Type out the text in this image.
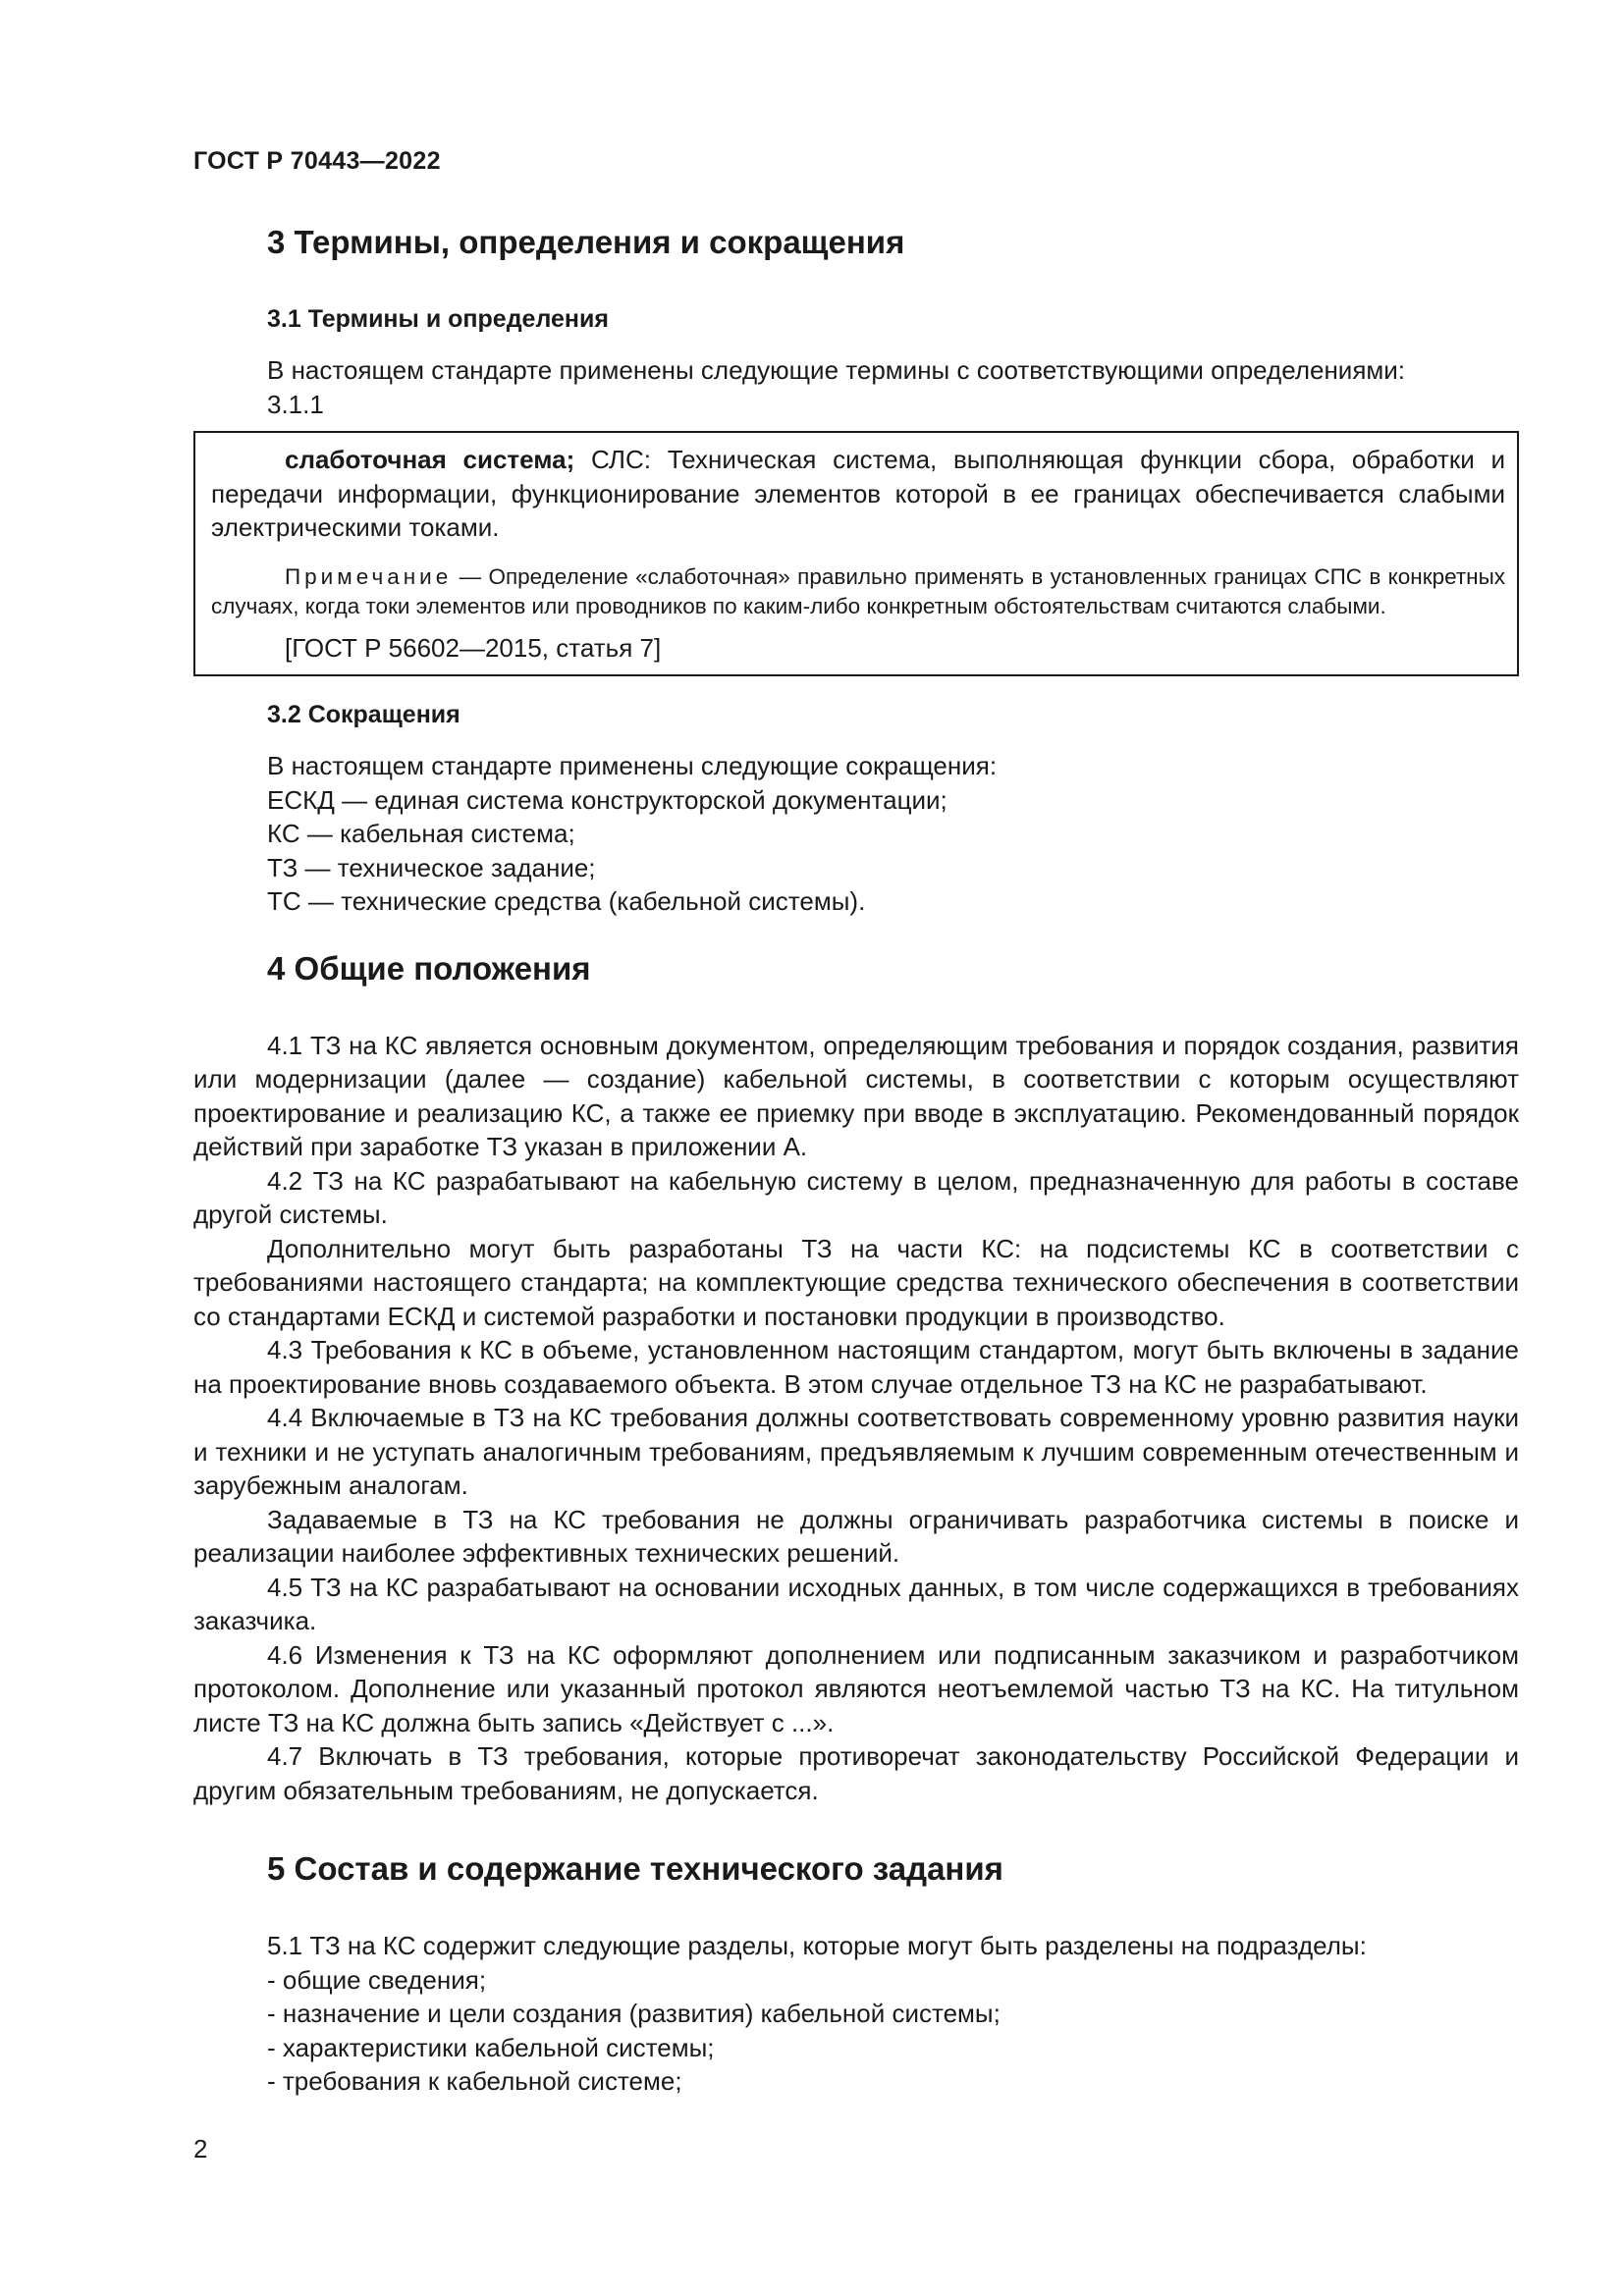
ГОСТ Р 70443—2022
3 Термины, определения и сокращения
3.1 Термины и определения

В настоящем стандарте применены следующие термины с соответствующими определениями:

3.1.1

слаботочная система; СЛС: Техническая система, выполняющая функции сбора, обработки и передачи информации, функционирование элементов которой в ее границах обеспечивается слабыми электрическими токами.

Примечание — Определение «слаботочная» правильно применять в установленных границах СПС в конкретных случаях, когда токи элементов или проводников по каким-либо конкретным обстоятельствам считаются слабыми.

[ГОСТ Р 56602—2015, статья 7]

3.2 Сокращения

В настоящем стандарте применены следующие сокращения:

ЕСКД — единая система конструкторской документации;

КС — кабельная система;

ТЗ — техническое задание;

ТС — технические средства (кабельной системы).

4 Общие положения

4.1 ТЗ на КС является основным документом, определяющим требования и порядок создания, развития или модернизации (далее — создание) кабельной системы, в соответствии с которым осуществляют проектирование и реализацию КС, а также ее приемку при вводе в эксплуатацию. Рекомендованный порядок действий при заработке ТЗ указан в приложении А.

4.2 ТЗ на КС разрабатывают на кабельную систему в целом, предназначенную для работы в составе другой системы.

Дополнительно могут быть разработаны ТЗ на части КС: на подсистемы КС в соответствии с требованиями настоящего стандарта; на комплектующие средства технического обеспечения в соответствии со стандартами ЕСКД и системой разработки и постановки продукции в производство.

4.3 Требования к КС в объеме, установленном настоящим стандартом, могут быть включены в задание на проектирование вновь создаваемого объекта. В этом случае отдельное ТЗ на КС не разрабатывают.

4.4 Включаемые в ТЗ на КС требования должны соответствовать современному уровню развития науки и техники и не уступать аналогичным требованиям, предъявляемым к лучшим современным отечественным и зарубежным аналогам.

Задаваемые в ТЗ на КС требования не должны ограничивать разработчика системы в поиске и реализации наиболее эффективных технических решений.

4.5 ТЗ на КС разрабатывают на основании исходных данных, в том числе содержащихся в требованиях заказчика.

4.6 Изменения к ТЗ на КС оформляют дополнением или подписанным заказчиком и разработчиком протоколом. Дополнение или указанный протокол являются неотъемлемой частью ТЗ на КС. На титульном листе ТЗ на КС должна быть запись «Действует с ...».

4.7 Включать в ТЗ требования, которые противоречат законодательству Российской Федерации и другим обязательным требованиям, не допускается.

5 Состав и содержание технического задания

5.1 ТЗ на КС содержит следующие разделы, которые могут быть разделены на подразделы:

- общие сведения;

- назначение и цели создания (развития) кабельной системы;

- характеристики кабельной системы;

- требования к кабельной системе;

2
